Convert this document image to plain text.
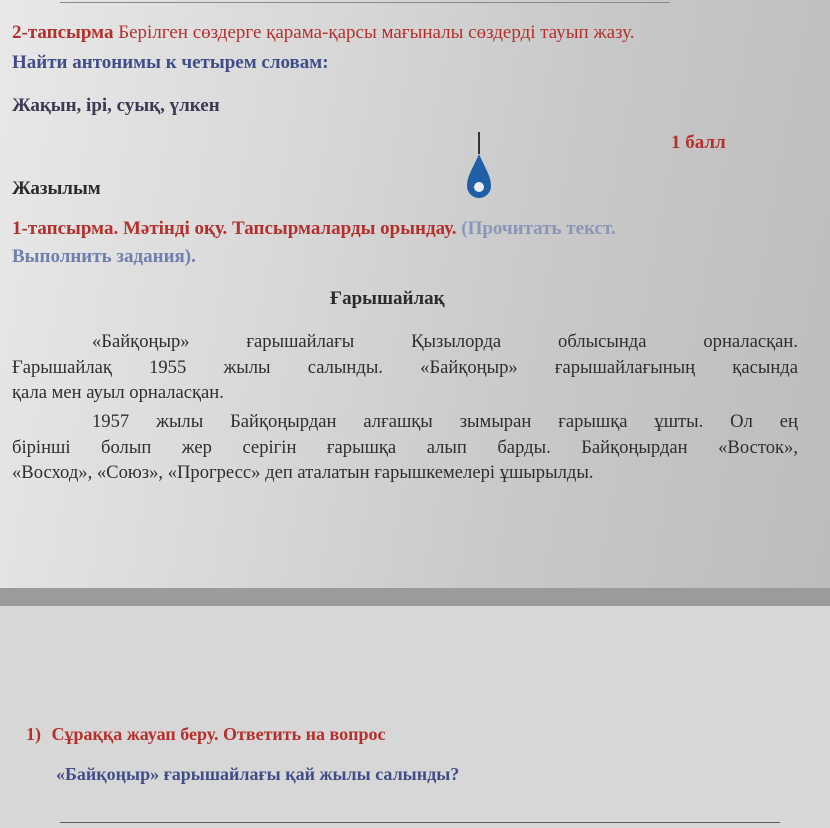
2-тапсырма Берілген сөздерге қарама-қарсы мағыналы сөздерді тауып жазу.
Найти антонимы к четырем словам:
Жақын, ірі, суық, үлкен
1 балл
Жазылым
1-тапсырма. Мәтінді оқу. Тапсырмаларды орындау. (Прочитать текст.
Выполнить задания).
Ғарышайлақ
«Байқоңыр» ғарышайлағы Қызылорда облысында орналасқан.
Ғарышайлақ 1955 жылы салынды. «Байқоңыр» ғарышайлағының қасында
қала мен ауыл орналасқан.
1957 жылы Байқоңырдан алғашқы зымыран ғарышқа ұшты. Ол ең
бірінші болып жер серігін ғарышқа алып барды. Байқоңырдан «Восток»,
«Восход», «Союз», «Прогресс» деп аталатын ғарышкемелері ұшырылды.
1) Сұраққа жауап беру. Ответить на вопрос
«Байқоңыр» ғарышайлағы қай жылы салынды?
